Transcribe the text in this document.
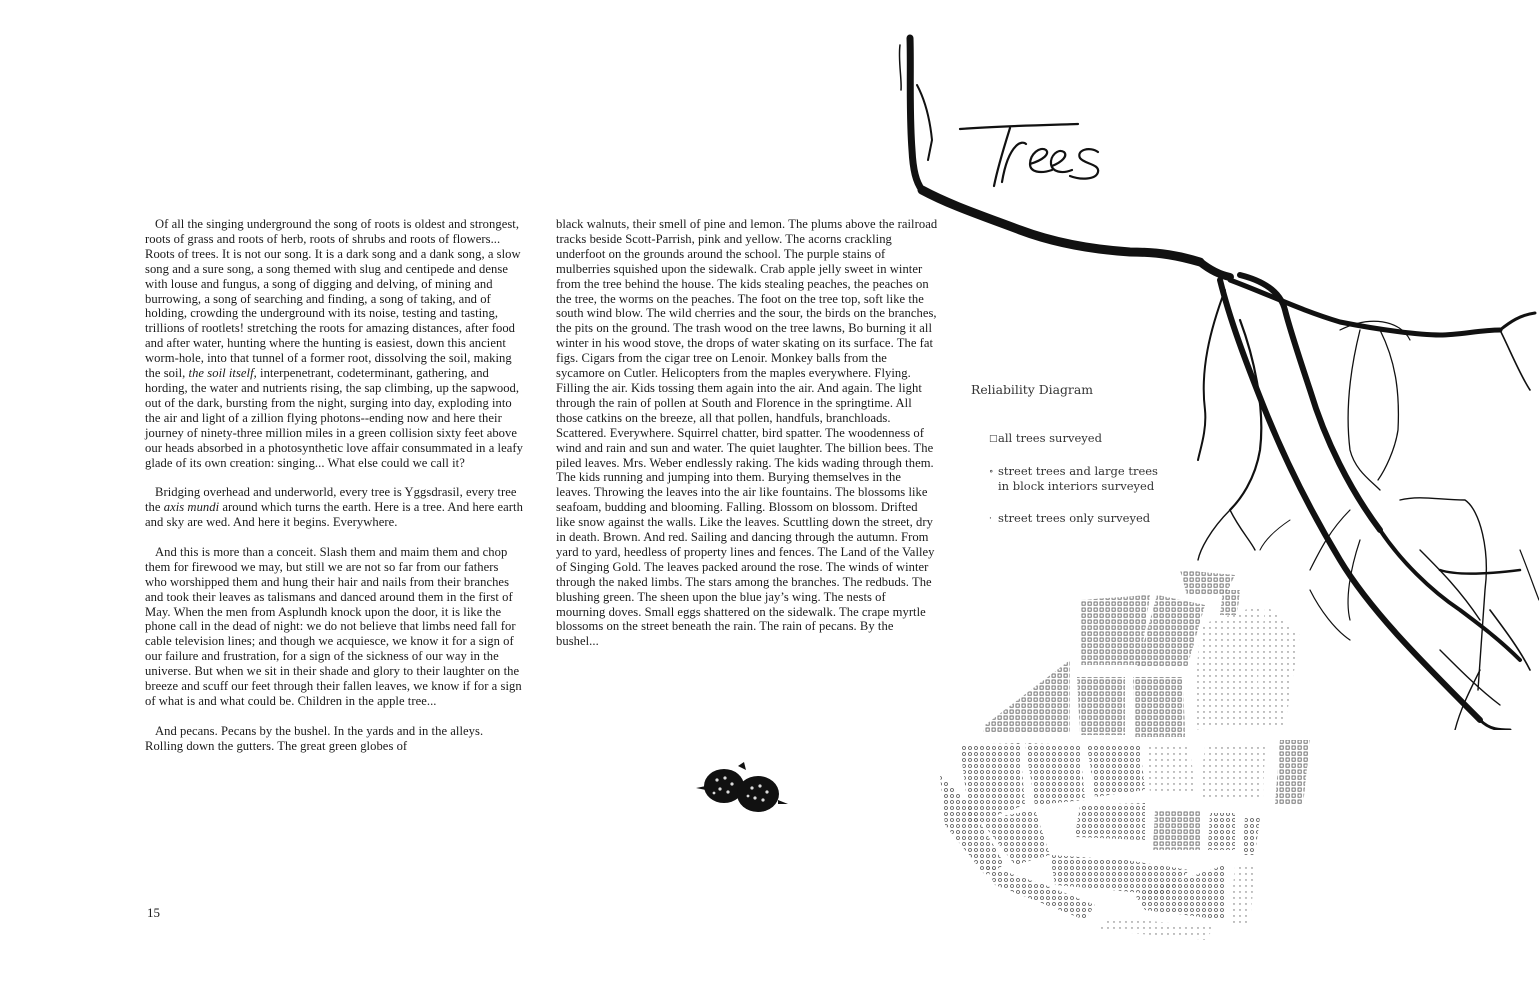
Of all the singing underground the song of roots is oldest and strongest, roots of grass and roots of herb, roots of shrubs and roots of flowers... Roots of trees. It is not our song. It is a dark song and a dank song, a slow song and a sure song, a song themed with slug and centipede and dense with louse and fungus, a song of digging and delving, of mining and burrowing, a song of searching and finding, a song of taking, and of holding, crowding the underground with its noise, testing and tasting, trillions of rootlets! stretching the roots for amazing distances, after food and after water, hunting where the hunting is easiest, down this ancient worm-hole, into that tunnel of a former root, dissolving the soil, making the soil, the soil itself, interpenetrant, codeterminant, gathering, and hording, the water and nutrients rising, the sap climbing, up the sapwood, out of the dark, bursting from the night, surging into day, exploding into the air and light of a zillion flying photons--ending now and here their journey of ninety-three million miles in a green collision sixty feet above our heads absorbed in a photosynthetic love affair consummated in a leafy glade of its own creation: singing... What else could we call it?

Bridging overhead and underworld, every tree is Yggsdrasil, every tree the axis mundi around which turns the earth. Here is a tree. And here earth and sky are wed. And here it begins. Everywhere.

And this is more than a conceit. Slash them and maim them and chop them for firewood we may, but still we are not so far from our fathers who worshipped them and hung their hair and nails from their branches and took their leaves as talismans and danced around them in the first of May. When the men from Asplundh knock upon the door, it is like the phone call in the dead of night: we do not believe that limbs need fall for cable television lines; and though we acquiesce, we know it for a sign of our failure and frustration, for a sign of the sickness of our way in the universe. But when we sit in their shade and glory to their laughter on the breeze and scuff our feet through their fallen leaves, we know if for a sign of what is and what could be. Children in the apple tree...

And pecans. Pecans by the bushel. In the yards and in the alleys. Rolling down the gutters. The great green globes of

black walnuts, their smell of pine and lemon. The plums above the railroad tracks beside Scott-Parrish, pink and yellow. The acorns crackling underfoot on the grounds around the school. The purple stains of mulberries squished upon the sidewalk. Crab apple jelly sweet in winter from the tree behind the house. The kids stealing peaches, the peaches on the tree, the worms on the peaches. The foot on the tree top, soft like the south wind blow. The wild cherries and the sour, the birds on the branches, the pits on the ground. The trash wood on the tree lawns, Bo burning it all winter in his wood stove, the drops of water skating on its surface. The fat figs. Cigars from the cigar tree on Lenoir. Monkey balls from the sycamore on Cutler. Helicopters from the maples everywhere. Flying. Filling the air. Kids tossing them again into the air. And again. The light through the rain of pollen at South and Florence in the springtime. All those catkins on the breeze, all that pollen, handfuls, branchloads. Scattered. Everywhere. Squirrel chatter, bird spatter. The woodenness of wind and rain and sun and water. The quiet laughter. The billion bees. The piled leaves. Mrs. Weber endlessly raking. The kids wading through them. The kids running and jumping into them. Burying themselves in the leaves. Throwing the leaves into the air like fountains. The blossoms like seafoam, budding and blooming. Falling. Blossom on blossom. Drifted like snow against the walls. Like the leaves. Scuttling down the street, dry in death. Brown. And red. Sailing and dancing through the autumn. From yard to yard, heedless of property lines and fences. The Land of the Valley of Singing Gold. The leaves packed around the rose. The winds of winter through the naked limbs. The stars among the branches. The redbuds. The blushing green. The sheen upon the blue jay’s wing. The nests of mourning doves. Small eggs shattered on the sidewalk. The crape myrtle blossoms on the street beneath the rain. The rain of pecans. By the bushel...

15
Reliability Diagram
□ all trees surveyed
∘ street trees and large trees
in block interiors surveyed
· street trees only surveyed
